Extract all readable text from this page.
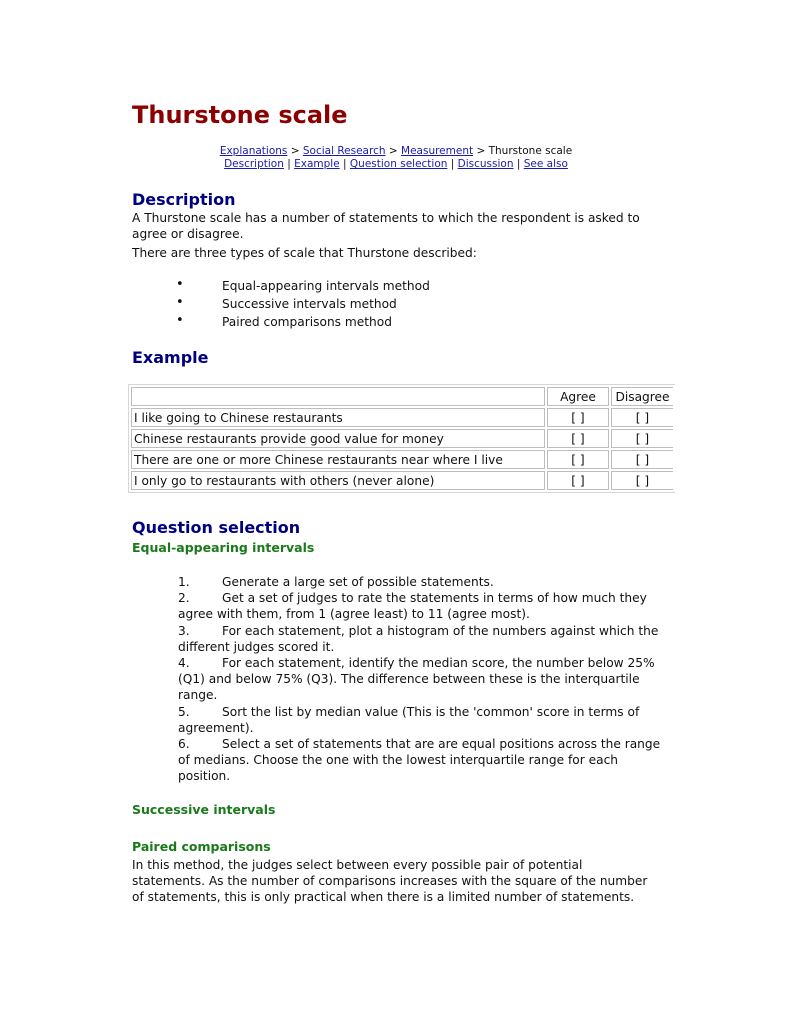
Thurstone scale
Explanations > Social Research > Measurement > Thurstone scale
Description | Example | Question selection | Discussion | See also
Description

A Thurstone scale has a number of statements to which the respondent is asked to agree or disagree.

There are three types of scale that Thurstone described:

•	Equal-appearing intervals method
•	Successive intervals method
•	Paired comparisons method
Example
	Agree	Disagree
I like going to Chinese restaurants	[ ]	[ ]
Chinese restaurants provide good value for money	[ ]	[ ]
There are one or more Chinese restaurants near where I live	[ ]	[ ]
I only go to restaurants with others (never alone)	[ ]	[ ]
Question selection
Equal-appearing intervals
1.	Generate a large set of possible statements.
2.	Get a set of judges to rate the statements in terms of how much they agree with them, from 1 (agree least) to 11 (agree most).
3.	For each statement, plot a histogram of the numbers against which the different judges scored it.
4.	For each statement, identify the median score, the number below 25% (Q1) and below 75% (Q3). The difference between these is the interquartile range.
5.	Sort the list by median value (This is the 'common' score in terms of agreement).
6.	Select a set of statements that are are equal positions across the range of medians. Choose the one with the lowest interquartile range for each position.
Successive intervals
Paired comparisons

In this method, the judges select between every possible pair of potential statements. As the number of comparisons increases with the square of the number of statements, this is only practical when there is a limited number of statements.
